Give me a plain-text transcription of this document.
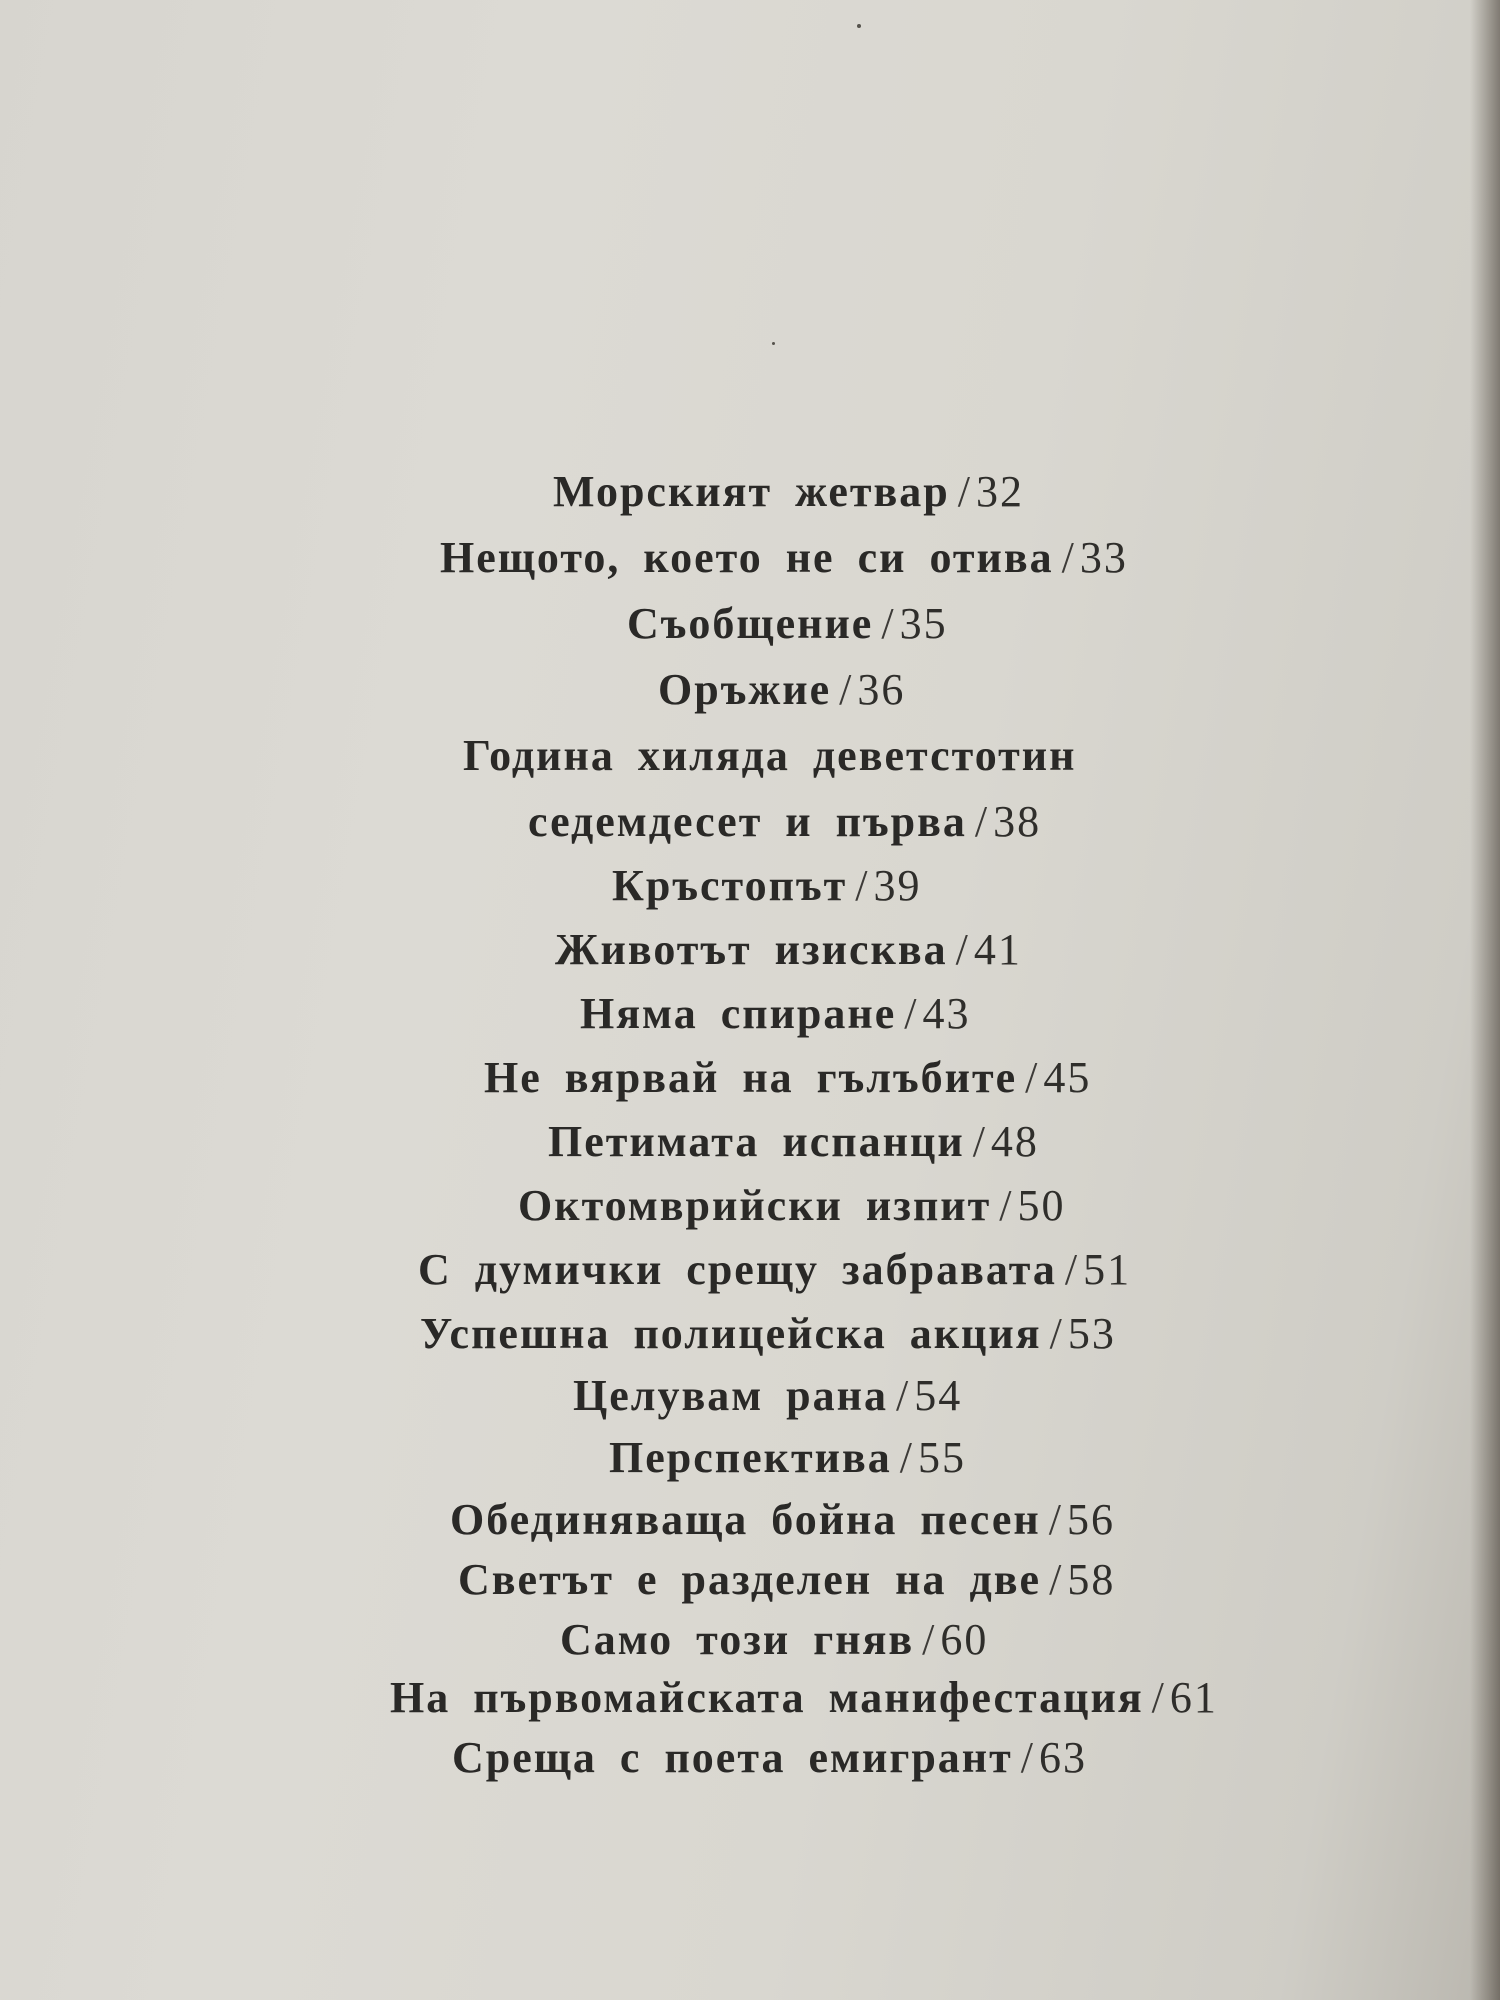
Морският жетвар /32
Нещото, което не си отива /33
Съобщение /35
Оръжие /36
Година хиляда деветстотин
седемдесет и първа /38
Кръстопът /39
Животът изисква /41
Няма спиране /43
Не вярвай на гълъбите /45
Петимата испанци /48
Октомврийски изпит /50
С думички срещу забравата /51
Успешна полицейска акция /53
Целувам рана /54
Перспектива /55
Обединяваща бойна песен /56
Светът е разделен на две /58
Само този гняв /60
На първомайската манифестация /61
Среща с поета емигрант /63
